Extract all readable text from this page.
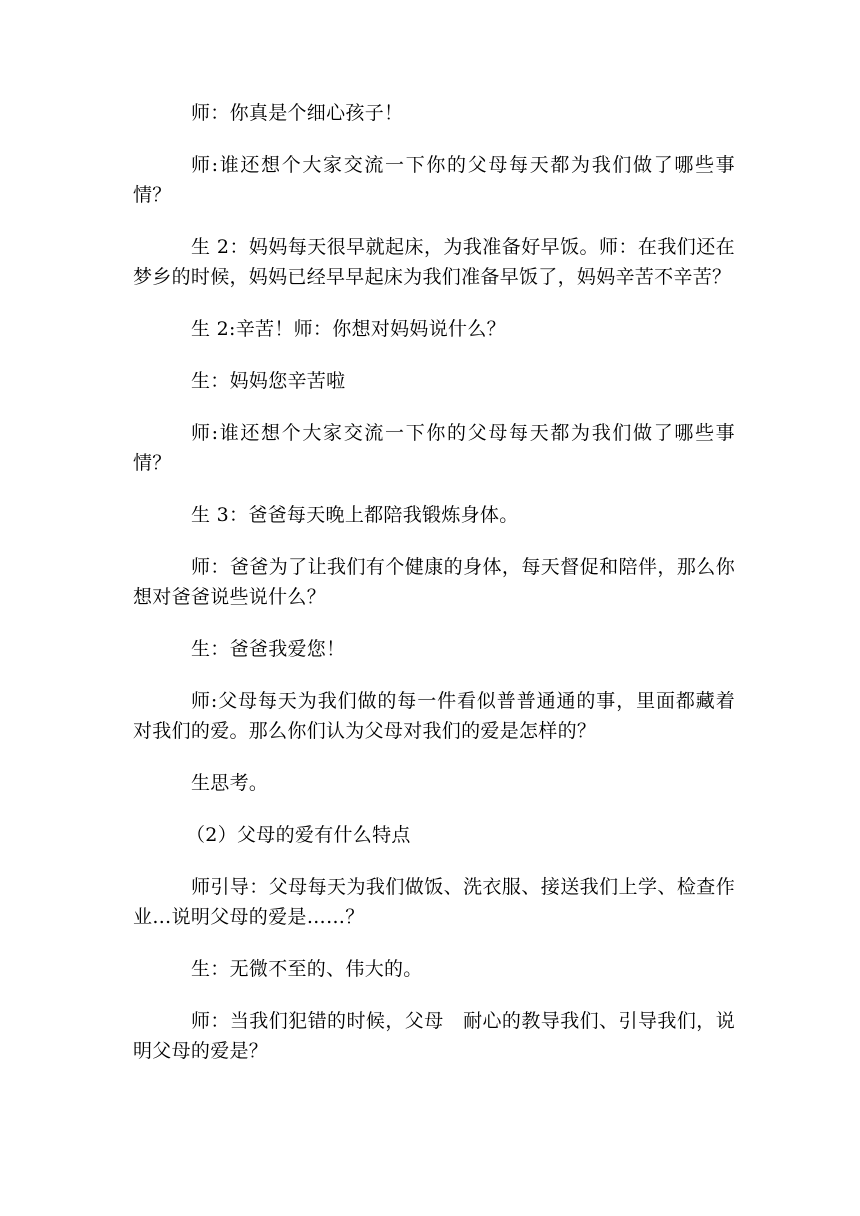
师：你真是个细心孩子！

师:谁还想个大家交流一下你的父母每天都为我们做了哪些事情？

生 2：妈妈每天很早就起床，为我准备好早饭。师：在我们还在梦乡的时候，妈妈已经早早起床为我们准备早饭了，妈妈辛苦不辛苦？

生 2:辛苦！师：你想对妈妈说什么？

生：妈妈您辛苦啦

师:谁还想个大家交流一下你的父母每天都为我们做了哪些事情？

生 3：爸爸每天晚上都陪我锻炼身体。

师：爸爸为了让我们有个健康的身体，每天督促和陪伴，那么你想对爸爸说些说什么？

生：爸爸我爱您！

师:父母每天为我们做的每一件看似普普通通的事，里面都藏着对我们的爱。那么你们认为父母对我们的爱是怎样的？

生思考。

（2）父母的爱有什么特点

师引导：父母每天为我们做饭、洗衣服、接送我们上学、检查作业…说明父母的爱是……？

生：无微不至的、伟大的。

师：当我们犯错的时候，父母　耐心的教导我们、引导我们，说明父母的爱是？
